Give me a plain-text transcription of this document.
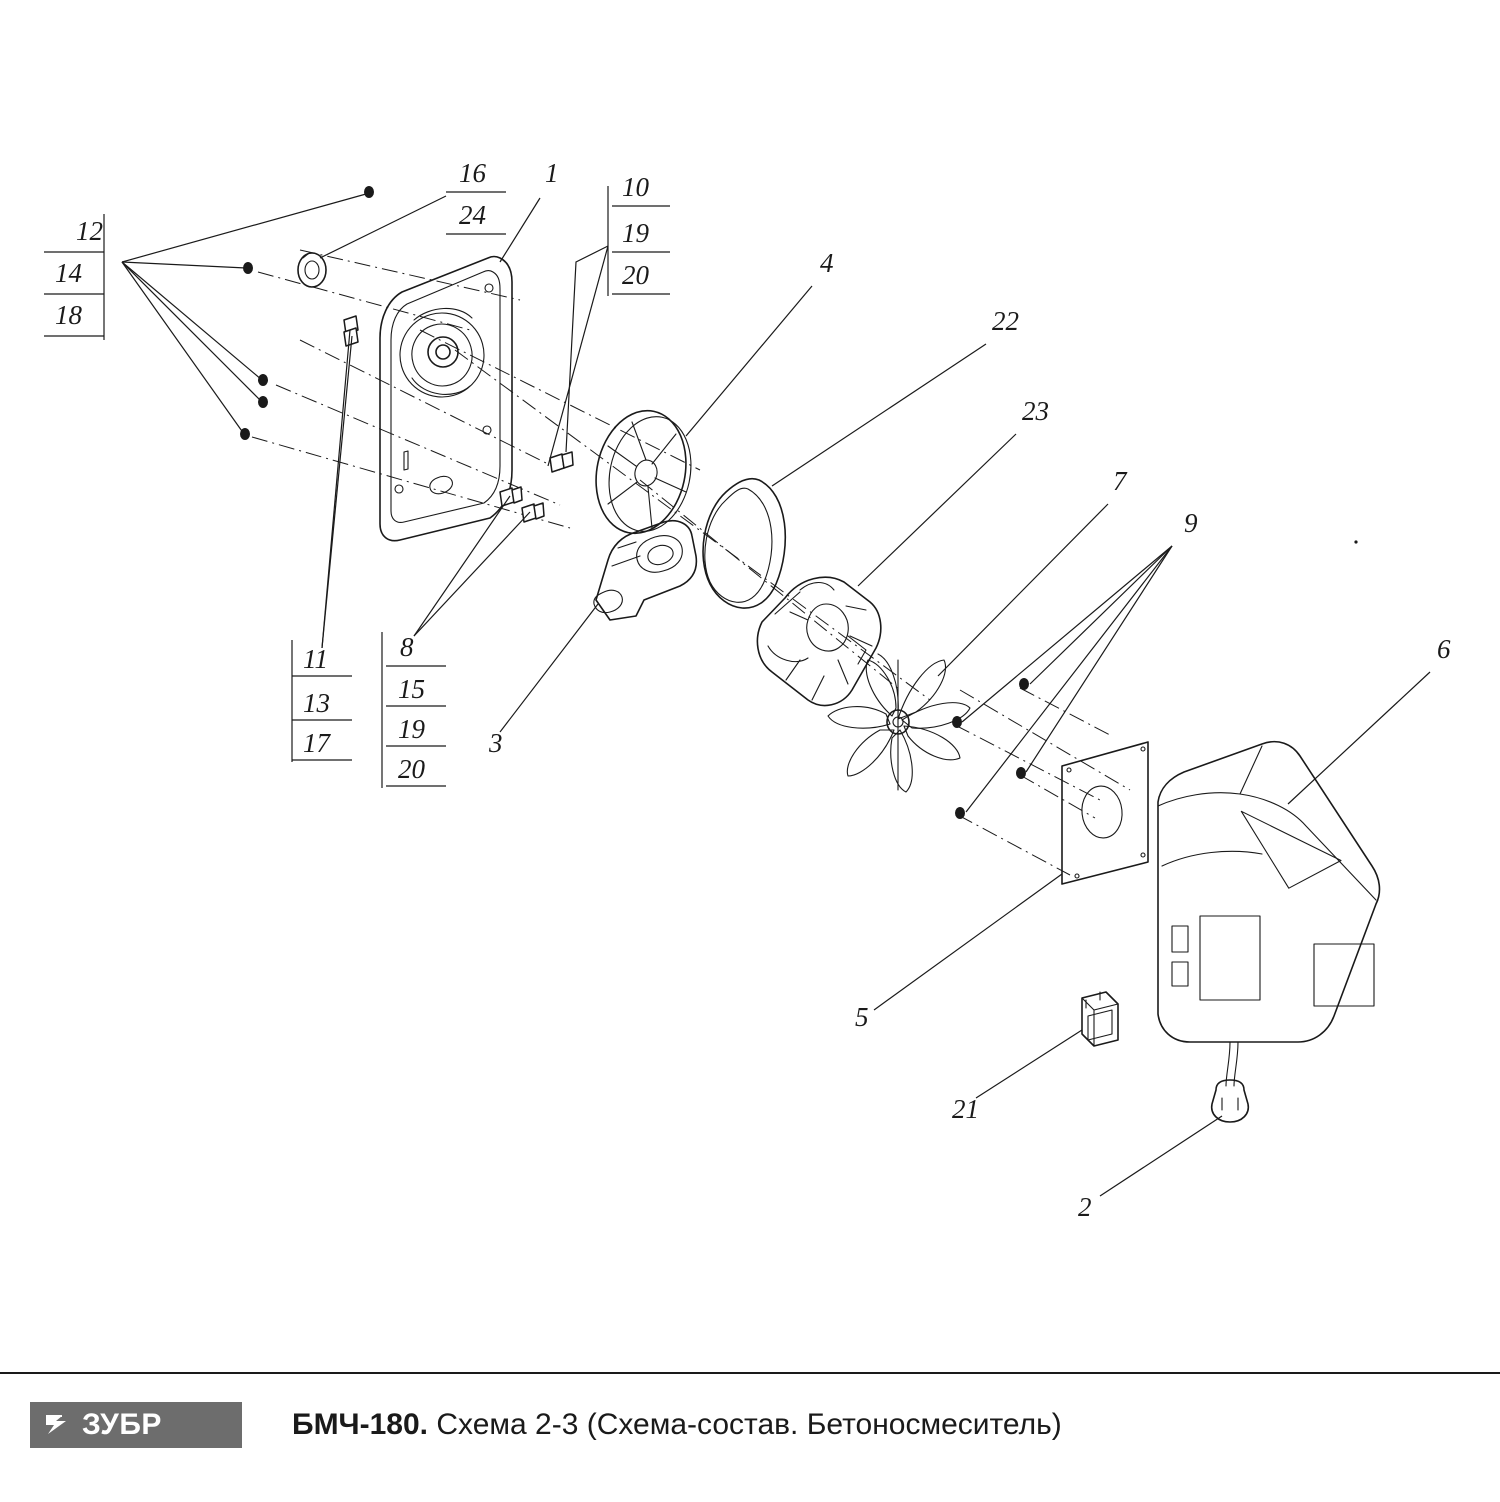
12
14
18
16
24
1 10
19
20	4
22
23
7
9
6
11
13
17
8
15
19
20
3
5
21
2
ЗУБР	БМЧ-180. Схема 2-3 (Схема-состав. Бетоносмеситель)
